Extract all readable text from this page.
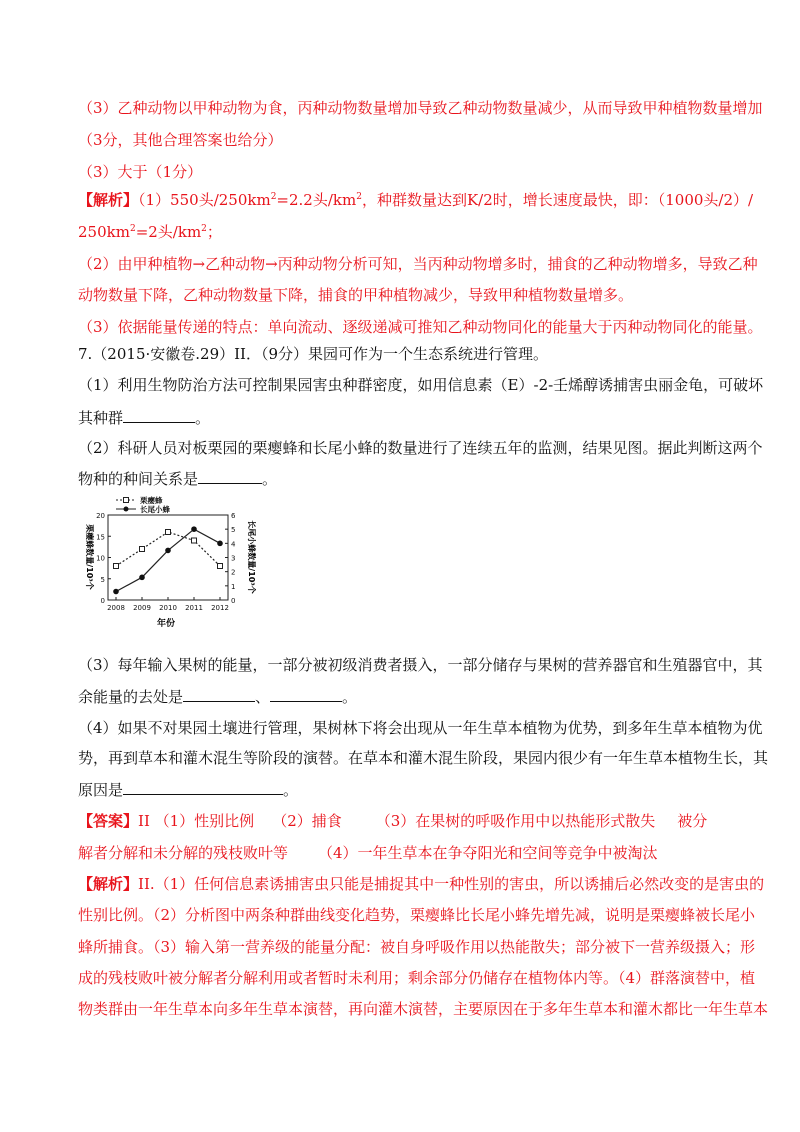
（3）乙种动物以甲种动物为食，丙种动物数量增加导致乙种动物数量减少，从而导致甲种植物数量增加
（3分，其他合理答案也给分）
（3）大于（1分）
【解析】（1）550头$/250km^2=2.2$头$/km^2$，种群数量达到K/2时，增长速度最快，即：（1000头/2）/
$250km^2=2$头$/km^2$；
（2）由甲种植物→乙种动物→丙种动物分析可知，当丙种动物增多时，捕食的乙种动物增多，导致乙种
动物数量下降，乙种动物数量下降，捕食的甲种植物减少，导致甲种植物数量增多。
（3）依据能量传递的特点：单向流动、逐级递减可推知乙种动物同化的能量大于丙种动物同化的能量。
7.（2015·安徽卷.29）II．（9分）果园可作为一个生态系统进行管理。
（1）利用生物防治方法可控制果园害虫种群密度，如用信息素（E）-2-壬烯醇诱捕害虫丽金龟，可破坏
其种群	。
（2）科研人员对板栗园的栗瘿蜂和长尾小蜂的数量进行了连续五年的监测，结果见图。据此判断这两个
物种的种间关系是	。
栗瘿蜂数量/10³个	长尾小蜂数量/10³个
年份
20
15
10
5
0
6
5
4
3
2
1
0
2008 2009 2010 2011 2012
栗瘿蜂
长尾小蜂
（3）每年输入果树的能量，一部分被初级消费者摄入，一部分储存与果树的营养器官和生殖器官中，其
余能量的去处是	、	。
（4）如果不对果园土壤进行管理，果树林下将会出现从一年生草本植物为优势，到多年生草本植物为优
势，再到草本和灌木混生等阶段的演替。在草本和灌木混生阶段，果园内很少有一年生草本植物生长，其
原因是	。
【答案】II （1）性别比例 （2）捕食 （3）在果树的呼吸作用中以热能形式散失 被分
解者分解和未分解的残枝败叶等 （4）一年生草本在争夺阳光和空间等竞争中被淘汰
【解析】II.（1）任何信息素诱捕害虫只能是捕捉其中一种性别的害虫，所以诱捕后必然改变的是害虫的
性别比例。（2）分析图中两条种群曲线变化趋势，栗瘿蜂比长尾小蜂先增先减，说明是栗瘿蜂被长尾小
蜂所捕食。（3）输入第一营养级的能量分配：被自身呼吸作用以热能散失；部分被下一营养级摄入；形
成的残枝败叶被分解者分解利用或者暂时未利用；剩余部分仍储存在植物体内等。（4）群落演替中，植
物类群由一年生草本向多年生草本演替，再向灌木演替，主要原因在于多年生草本和灌木都比一年生草本
